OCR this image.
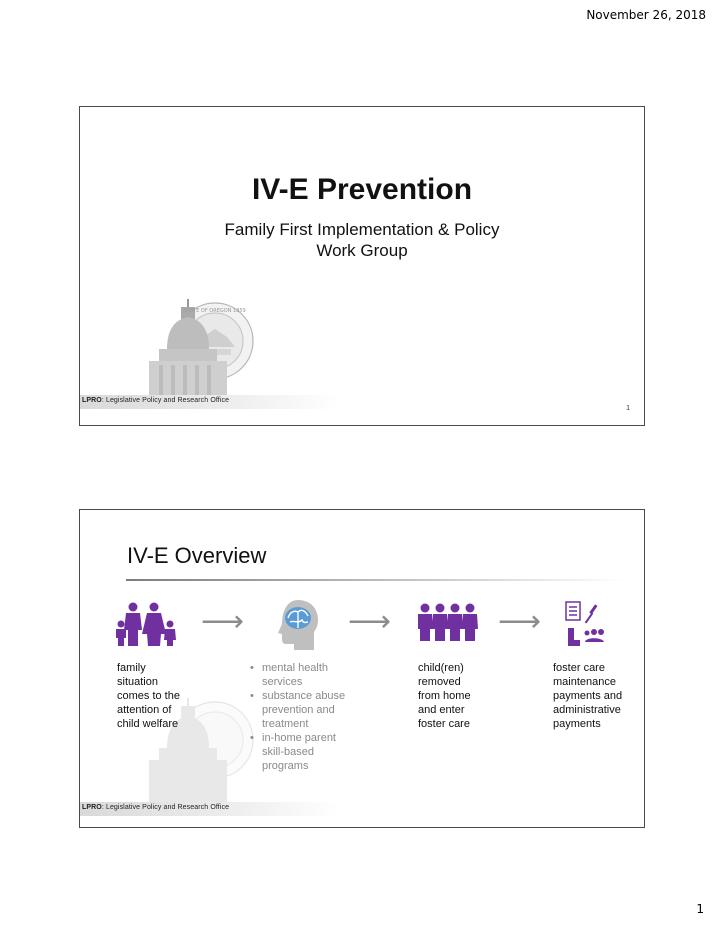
November 26, 2018
IV-E Prevention
Family First Implementation & Policy
Work Group
STATE OF OREGON 1859
LPRO: Legislative Policy and Research Office
1
IV-E Overview
⟶	⟶	⟶
family
situation
comes to the
attention of
child welfare
• mental health
services
• substance abuse
prevention and
treatment
• in-home parent
skill-based
programs
child(ren)
removed
from home
and enter
foster care
foster care
maintenance
payments and
administrative
payments
LPRO: Legislative Policy and Research Office
1
